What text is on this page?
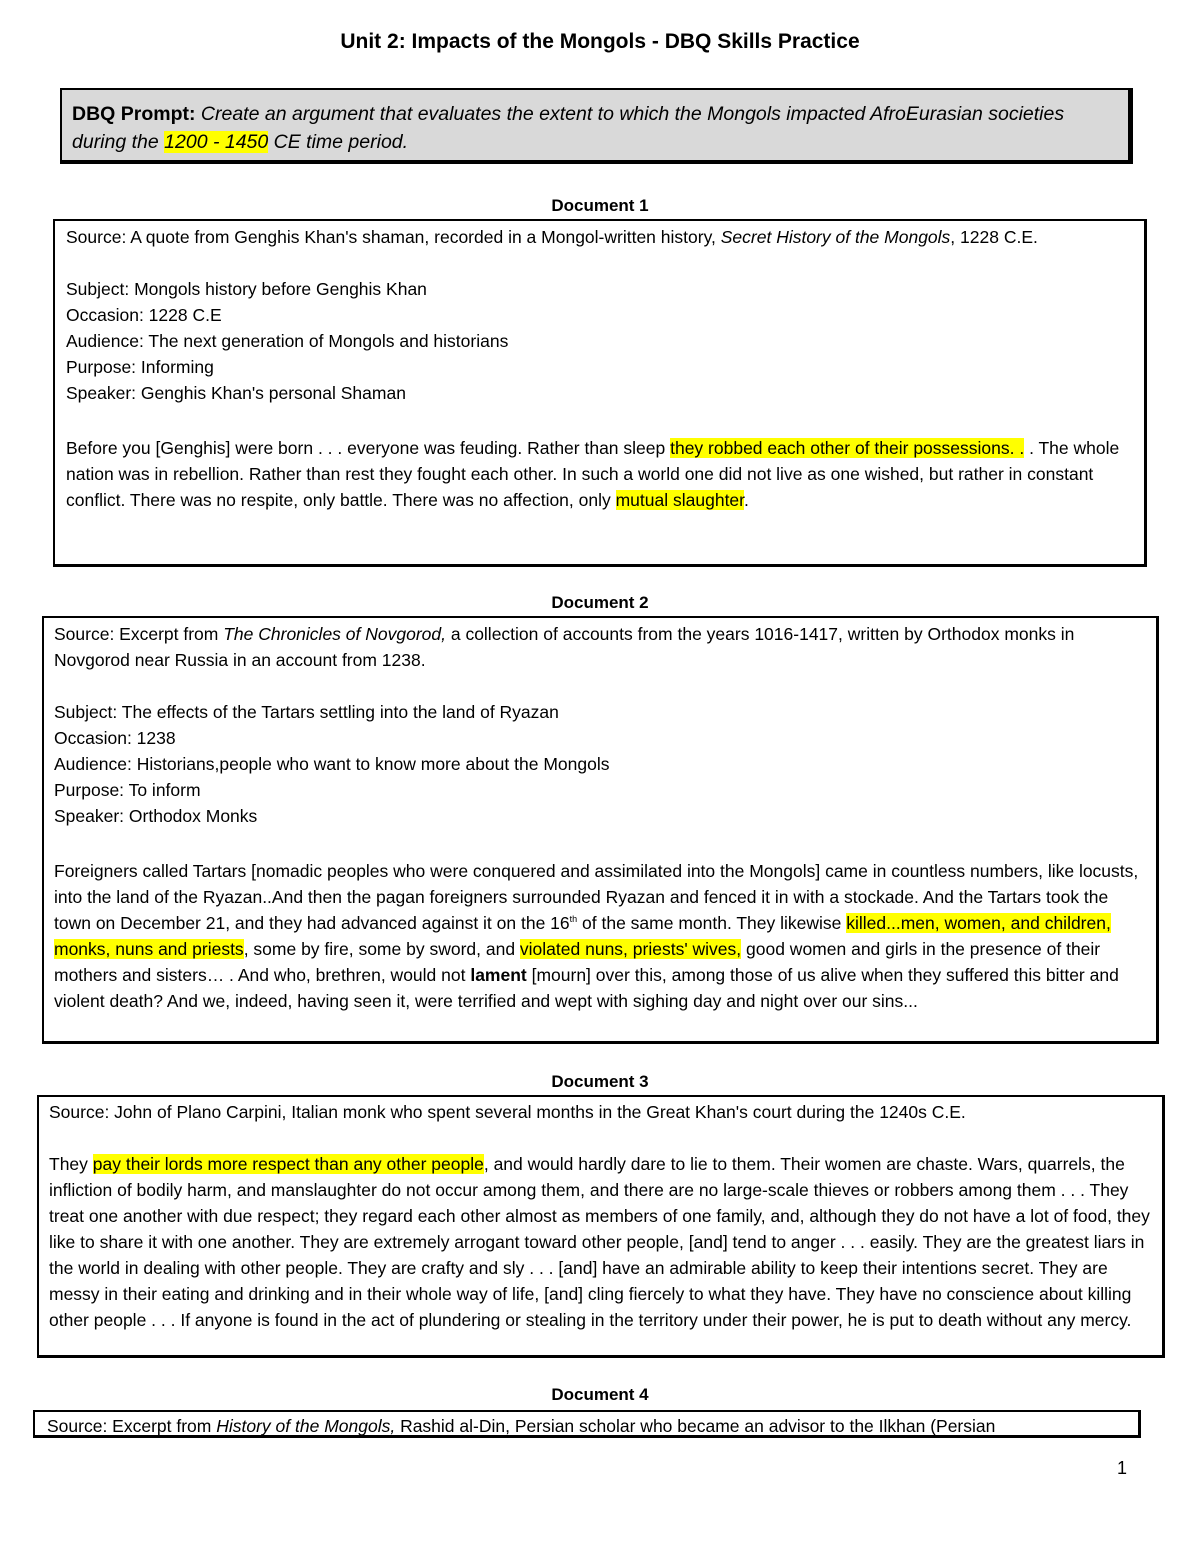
Unit 2: Impacts of the Mongols - DBQ Skills Practice
DBQ Prompt: Create an argument that evaluates the extent to which the Mongols impacted AfroEurasian societies during the 1200 - 1450 CE time period.
Document 1

Source: A quote from Genghis Khan's shaman, recorded in a Mongol-written history, Secret History of the Mongols, 1228 C.E.

Subject: Mongols history before Genghis Khan

Occasion: 1228 C.E

Audience: The next generation of Mongols and historians

Purpose: Informing

Speaker: Genghis Khan's personal Shaman

Before you [Genghis] were born . . . everyone was feuding. Rather than sleep they robbed each other of their possessions. . . The whole nation was in rebellion. Rather than rest they fought each other. In such a world one did not live as one wished, but rather in constant conflict. There was no respite, only battle. There was no affection, only mutual slaughter.

Document 2

Source: Excerpt from The Chronicles of Novgorod, a collection of accounts from the years 1016-1417, written by Orthodox monks in Novgorod near Russia in an account from 1238.

Subject: The effects of the Tartars settling into the land of Ryazan

Occasion: 1238

Audience: Historians,people who want to know more about the Mongols

Purpose: To inform

Speaker: Orthodox Monks

Foreigners called Tartars [nomadic peoples who were conquered and assimilated into the Mongols] came in countless numbers, like locusts, into the land of the Ryazan..And then the pagan foreigners surrounded Ryazan and fenced it in with a stockade. And the Tartars took the town on December 21, and they had advanced against it on the 16th of the same month. They likewise killed...men, women, and children, monks, nuns and priests, some by fire, some by sword, and violated nuns, priests' wives, good women and girls in the presence of their mothers and sisters… . And who, brethren, would not lament [mourn] over this, among those of us alive when they suffered this bitter and violent death? And we, indeed, having seen it, were terrified and wept with sighing day and night over our sins...

Document 3

Source: John of Plano Carpini, Italian monk who spent several months in the Great Khan's court during the 1240s C.E.

They pay their lords more respect than any other people, and would hardly dare to lie to them. Their women are chaste. Wars, quarrels, the infliction of bodily harm, and manslaughter do not occur among them, and there are no large-scale thieves or robbers among them . . . They treat one another with due respect; they regard each other almost as members of one family, and, although they do not have a lot of food, they like to share it with one another. They are extremely arrogant toward other people, [and] tend to anger . . . easily. They are the greatest liars in the world in dealing with other people. They are crafty and sly . . . [and] have an admirable ability to keep their intentions secret. They are messy in their eating and drinking and in their whole way of life, [and] cling fiercely to what they have. They have no conscience about killing other people . . . If anyone is found in the act of plundering or stealing in the territory under their power, he is put to death without any mercy.

Document 4

Source: Excerpt from History of the Mongols, Rashid al-Din, Persian scholar who became an advisor to the Ilkhan (Persian

1
